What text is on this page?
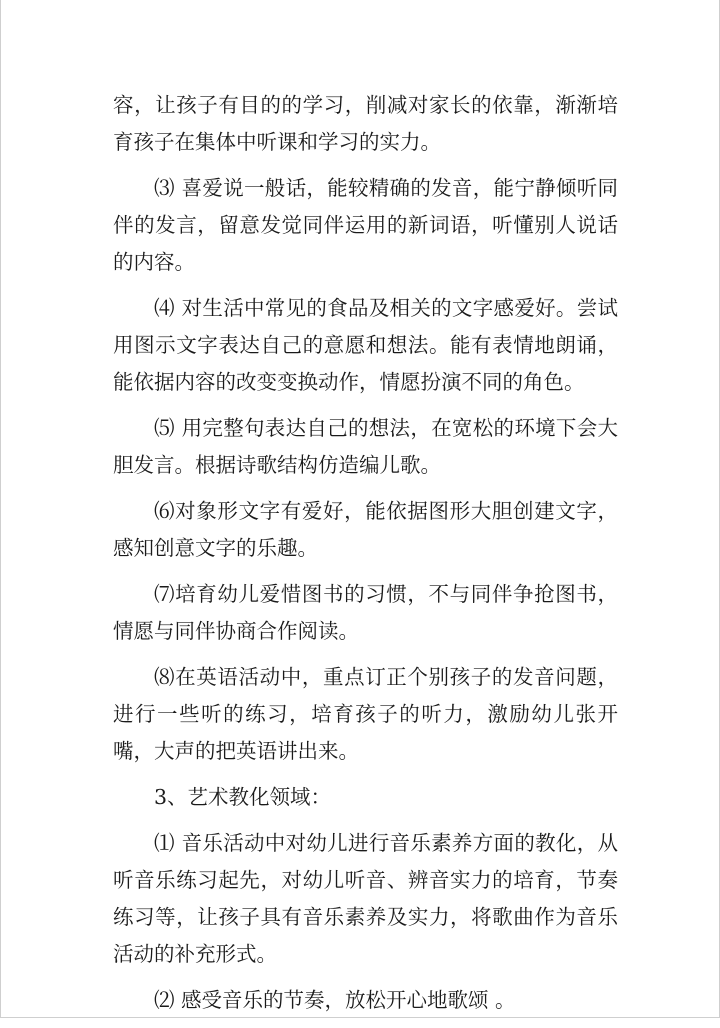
容，让孩子有目的的学习，削减对家长的依靠，渐渐培育孩子在集体中听课和学习的实力。

⑶ 喜爱说一般话，能较精确的发音，能宁静倾听同伴的发言，留意发觉同伴运用的新词语，听懂别人说话的内容。

⑷ 对生活中常见的食品及相关的文字感爱好。尝试用图示文字表达自己的意愿和想法。能有表情地朗诵，能依据内容的改变变换动作，情愿扮演不同的角色。

⑸ 用完整句表达自己的想法，在宽松的环境下会大胆发言。根据诗歌结构仿造编儿歌。

⑹对象形文字有爱好，能依据图形大胆创建文字，感知创意文字的乐趣。

⑺培育幼儿爱惜图书的习惯，不与同伴争抢图书，情愿与同伴协商合作阅读。

⑻在英语活动中，重点订正个别孩子的发音问题，进行一些听的练习，培育孩子的听力，激励幼儿张开嘴，大声的把英语讲出来。

3、艺术教化领域：

⑴ 音乐活动中对幼儿进行音乐素养方面的教化，从听音乐练习起先，对幼儿听音、辨音实力的培育，节奏练习等，让孩子具有音乐素养及实力，将歌曲作为音乐活动的补充形式。

⑵ 感受音乐的节奏，放松开心地歌颂 。
